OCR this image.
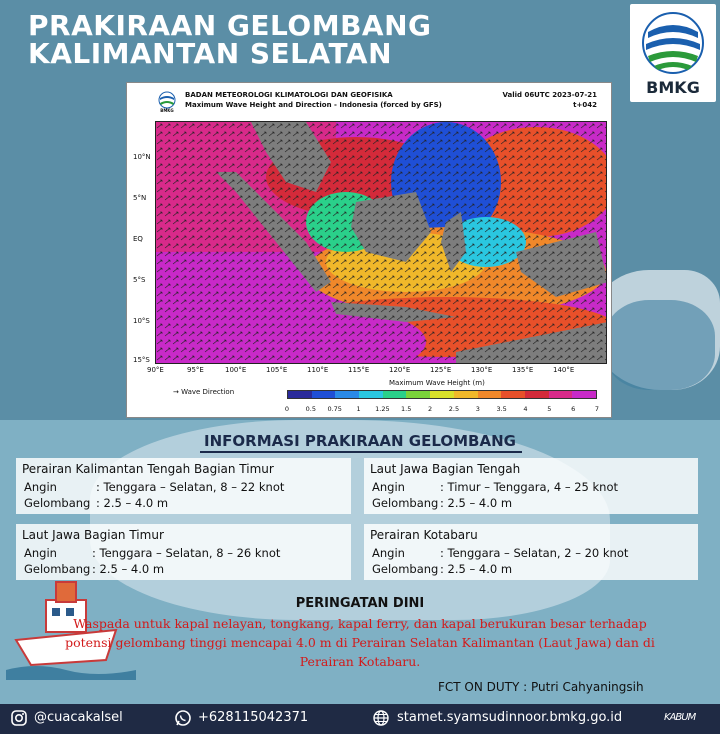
PRAKIRAAN GELOMBANG
KALIMANTAN SELATAN
BMKG
BMKG
BADAN METEOROLOGI KLIMATOLOGI DAN GEOFISIKA
Maximum Wave Height and Direction - Indonesia (forced by GFS)
Valid 06UTC 2023-07-21
t+042
10°N
5°N
EQ
5°S
10°S
15°S
90°E	95°E	100°E	105°E	110°E	115°E	120°E	125°E	130°E	135°E	140°E
→ Wave Direction
Maximum Wave Height (m)
0	0.5 0.75 1 1.25 1.5	2	2.5	3	3.5	4	5	6	7
INFORMASI PRAKIRAAN GELOMBANG
Perairan Kalimantan Tengah Bagian Timur
Angin	: Tenggara – Selatan, 8 – 22 knot
Gelombang : 2.5 – 4.0 m
Laut Jawa Bagian Tengah
Angin	: Timur – Tenggara, 4 – 25 knot
Gelombang : 2.5 – 4.0 m
Laut Jawa Bagian Timur
Angin	: Tenggara – Selatan, 8 – 26 knot
Gelombang : 2.5 – 4.0 m
Perairan Kotabaru
Angin	: Tenggara – Selatan, 2 – 20 knot
Gelombang : 2.5 – 4.0 m
PERINGATAN DINI
Waspada untuk kapal nelayan, tongkang, kapal ferry, dan kapal berukuran besar terhadap
potensi gelombang tinggi mencapai 4.0 m di Perairan Selatan Kalimantan (Laut Jawa) dan di
Perairan Kotabaru.
FCT ON DUTY : Putri Cahyaningsih
@cuacakalsel	+628115042371	stamet.syamsudinnoor.bmkg.go.id	KABUM
